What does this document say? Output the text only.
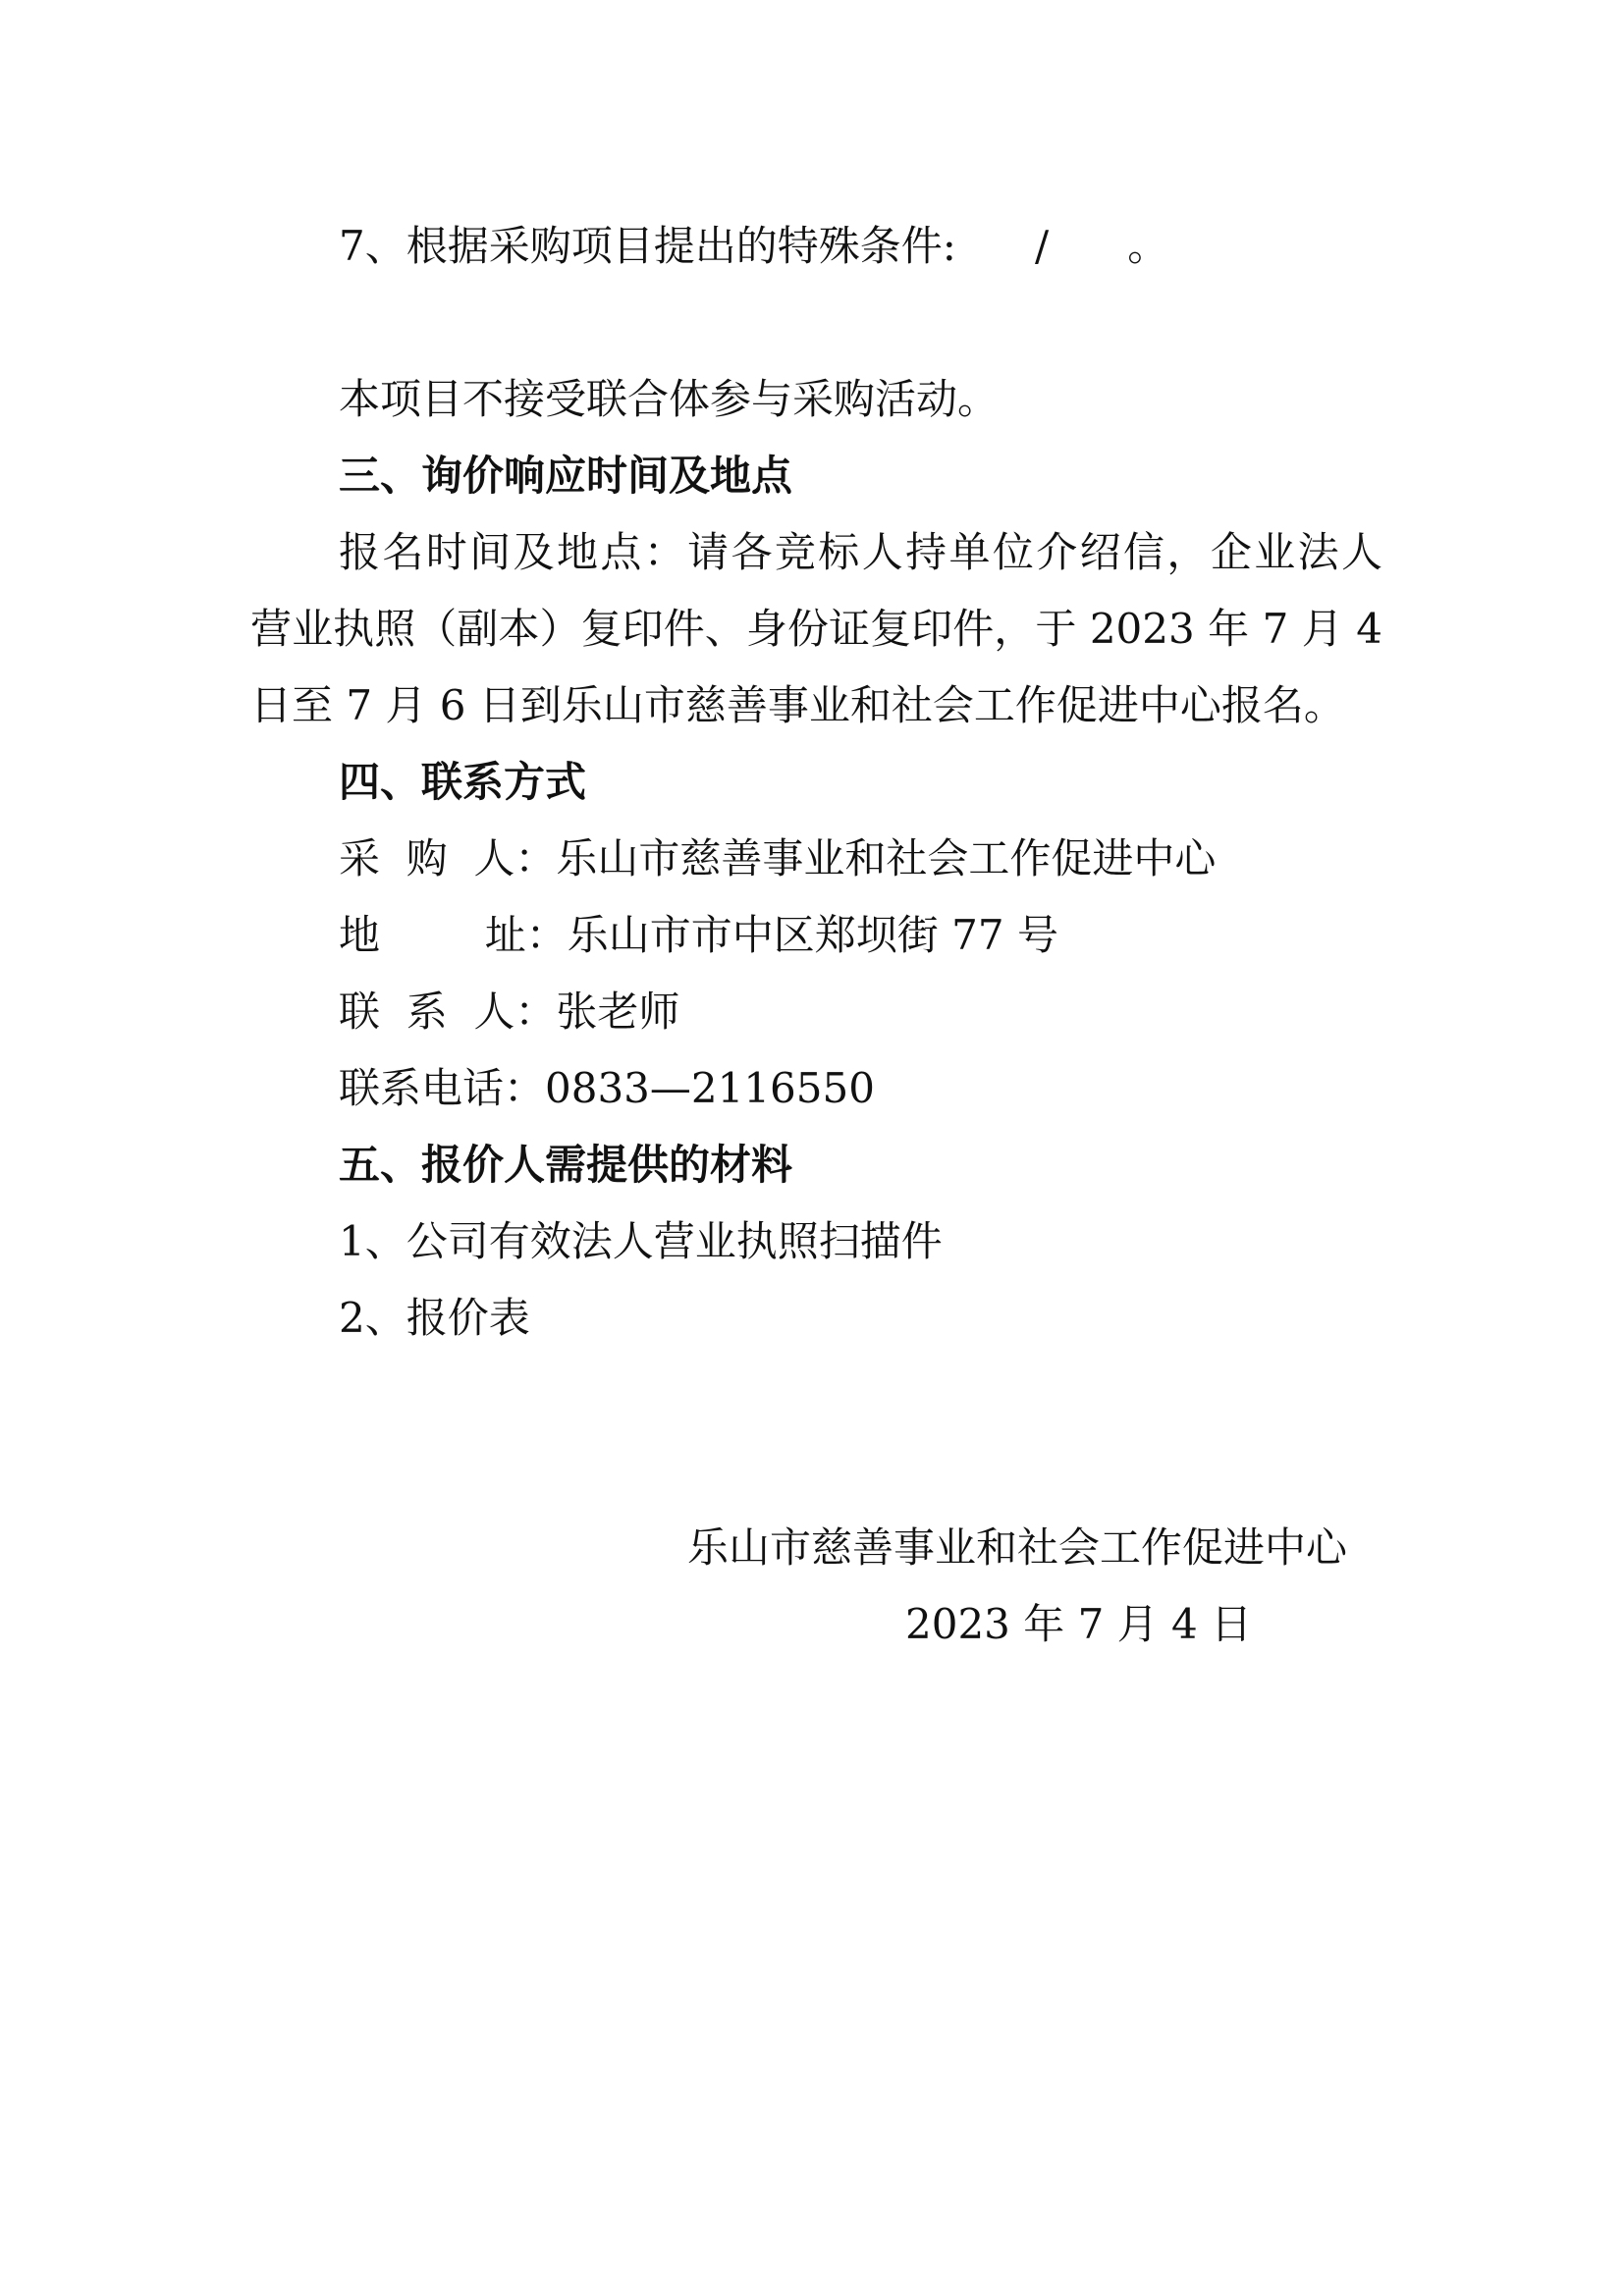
7、根据采购项目提出的特殊条件:      /      。
本项目不接受联合体参与采购活动。
三、询价响应时间及地点
报名时间及地点：请各竞标人持单位介绍信，企业法人
营业执照（副本）复印件、身份证复印件，于 2023 年 7 月 4
日至 7 月 6 日到乐山市慈善事业和社会工作促进中心报名。
四、联系方式
采  购  人：乐山市慈善事业和社会工作促进中心
地        址：乐山市市中区郑坝街 77 号
联  系  人：张老师
联系电话：0833—2116550
五、报价人需提供的材料
1、公司有效法人营业执照扫描件
2、报价表
乐山市慈善事业和社会工作促进中心
2023 年 7 月 4 日
